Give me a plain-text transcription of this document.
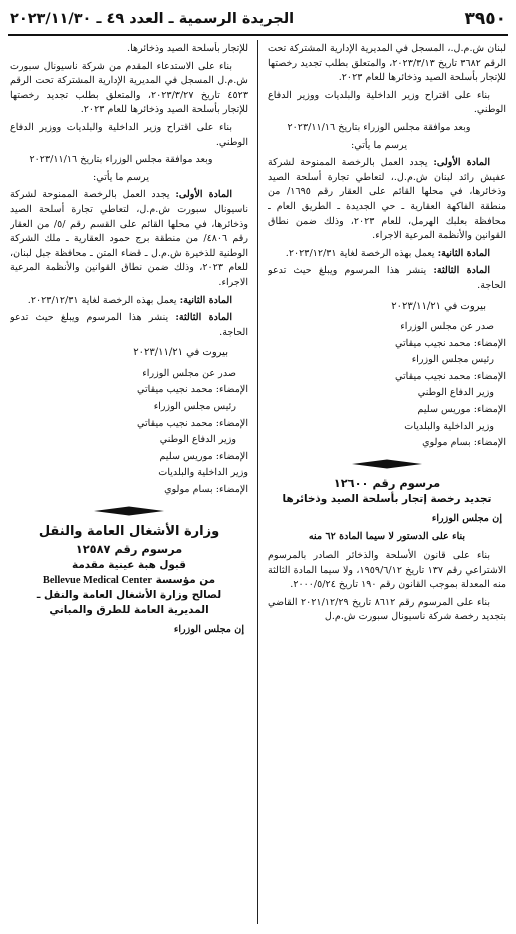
٣٩٥٠
الجريدة الرسمية ـ العدد ٤٩ ـ ٢٠٢٣/١١/٣٠

لبنان ش.م.ل.، المسجل في المديرية الإدارية المشتركة تحت الرقم ٣٦٨٢ تاريخ ٢٠٢٣/٣/١٣، والمتعلق بطلب تجديد رخصتها للإتجار بأسلحة الصيد وذخائرها للعام ٢٠٢٣.

بناء على اقتراح وزير الداخلية والبلديات ووزير الدفاع الوطني.

وبعد موافقة مجلس الوزراء بتاريخ ٢٠٢٣/١١/١٦

يرسم ما يأتي:

المادة الأولى: يجدد العمل بالرخصة الممنوحة لشركة عفيش رائد لبنان ش.م.ل.، لتعاطي تجارة أسلحة الصيد وذخائرها، في محلها القائم على العقار رقم ١٦٩٥/ من منطقة الفاكهة العقارية ـ حي الجديدة ـ الطريق العام ـ محافظة بعلبك الهرمل، للعام ٢٠٢٣، وذلك ضمن نطاق القوانين والأنظمة المرعية الاجراء.

المادة الثانية: يعمل بهذه الرخصة لغاية ٢٠٢٣/١٢/٣١.

المادة الثالثة: ينشر هذا المرسوم ويبلغ حيث تدعو الحاجة.

بيروت في ٢٠٢٣/١١/٢١

صدر عن مجلس الوزراء

الإمضاء: محمد نجيب ميقاتي

رئيس مجلس الوزراء

الإمضاء: محمد نجيب ميقاتي

وزير الدفاع الوطني

الإمضاء: موريس سليم

وزير الداخلية والبلديات

الإمضاء: بسام مولوي

مرسوم رقم ١٢٦٠٠
تجديد رخصة إتجار بأسلحة الصيد وذخائرها

إن مجلس الوزراء

بناء على الدستور لا سيما المادة ٦٢ منه

بناء على قانون الأسلحة والذخائر الصادر بالمرسوم الاشتراعي رقم ١٣٧ تاريخ ١٩٥٩/٦/١٢، ولا سيما المادة الثالثة منه المعدلة بموجب القانون رقم ١٩٠ تاريخ ٢٠٠٠/٥/٢٤.

بناء على المرسوم رقم ٨٦١٢ تاريخ ٢٠٢١/١٢/٢٩ القاضي بتجديد رخصة شركة ناسيونال سبورت ش.م.ل

للإتجار بأسلحة الصيد وذخائرها.

بناء على الاستدعاء المقدم من شركة ناسيونال سبورت ش.م.ل المسجل في المديرية الإدارية المشتركة تحت الرقم ٤٥٢٣ تاريخ ٢٠٢٣/٣/٢٧، والمتعلق بطلب تجديد رخصتها للإتجار بأسلحة الصيد وذخائرها للعام ٢٠٢٣.

بناء على اقتراح وزير الداخلية والبلديات ووزير الدفاع الوطني.

وبعد موافقة مجلس الوزراء بتاريخ ٢٠٢٣/١١/١٦

يرسم ما يأتي:

المادة الأولى: يجدد العمل بالرخصة الممنوحة لشركة ناسيونال سبورت ش.م.ل، لتعاطي تجارة أسلحة الصيد وذخائرها، في محلها القائم على القسم رقم /٥/ من العقار رقم ٤٨٠٦/ من منطقة برج حمود العقارية ـ ملك الشركة الوطنية للذخيرة ش.م.ل ـ قضاء المتن ـ محافظة جبل لبنان، للعام ٢٠٢٣، وذلك ضمن نطاق القوانين والأنظمة المرعية الاجراء.

المادة الثانية: يعمل بهذه الرخصة لغاية ٢٠٢٣/١٢/٣١.

المادة الثالثة: ينشر هذا المرسوم ويبلغ حيث تدعو الحاجة.

بيروت في ٢٠٢٣/١١/٢١

صدر عن مجلس الوزراء

الإمضاء: محمد نجيب ميقاتي

رئيس مجلس الوزراء

الإمضاء: محمد نجيب ميقاتي

وزير الدفاع الوطني

الإمضاء: موريس سليم

وزير الداخلية والبلديات

الإمضاء: بسام مولوي

وزارة الأشغال العامة والنقل
مرسوم رقم ١٢٥٨٧
قبول هبة عينية مقدمة
من مؤسسة Bellevue Medical Center
لصالح وزارة الأشغال العامة والنقل ـ
المديرية العامة للطرق والمباني

إن مجلس الوزراء
